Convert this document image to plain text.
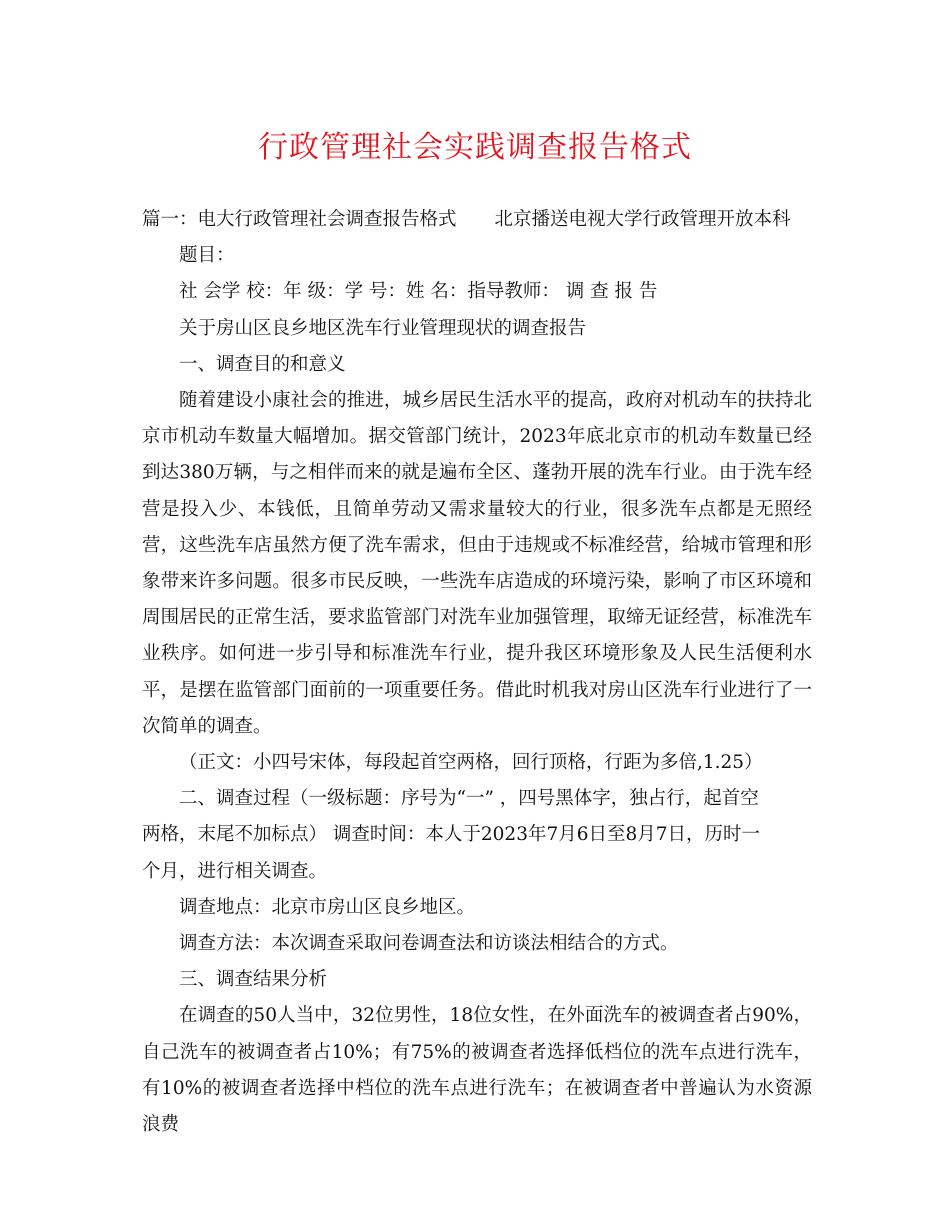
行政管理社会实践调查报告格式

篇一：电大行政管理社会调查报告格式 北京播送电视大学行政管理开放本科

题目：

社 会学 校：年 级：学 号：姓 名：指导教师： 调 查 报 告

关于房山区良乡地区洗车行业管理现状的调查报告

一、调查目的和意义

随着建设小康社会的推进，城乡居民生活水平的提高，政府对机动车的扶持北京市机动车数量大幅增加。据交管部门统计，2023年底北京市的机动车数量已经到达380万辆，与之相伴而来的就是遍布全区、蓬勃开展的洗车行业。由于洗车经营是投入少、本钱低，且简单劳动又需求量较大的行业，很多洗车点都是无照经营，这些洗车店虽然方便了洗车需求，但由于违规或不标准经营，给城市管理和形象带来许多问题。很多市民反映，一些洗车店造成的环境污染，影响了市区环境和周围居民的正常生活，要求监管部门对洗车业加强管理，取缔无证经营，标准洗车业秩序。如何进一步引导和标准洗车行业，提升我区环境形象及人民生活便利水平，是摆在监管部门面前的一项重要任务。借此时机我对房山区洗车行业进行了一次简单的调查。

（正文：小四号宋体，每段起首空两格，回行顶格，行距为多倍,1.25）

二、调查过程（一级标题：序号为“一” ，四号黑体字，独占行，起首空两格，末尾不加标点） 调查时间：本人于2023年7月6日至8月7日，历时一个月，进行相关调查。

调查地点：北京市房山区良乡地区。

调查方法：本次调查采取问卷调查法和访谈法相结合的方式。

三、调查结果分析

在调查的50人当中，32位男性，18位女性，在外面洗车的被调查者占90%，自己洗车的被调查者占10%；有75%的被调查者选择低档位的洗车点进行洗车，有10%的被调查者选择中档位的洗车点进行洗车；在被调查者中普遍认为水资源浪费
